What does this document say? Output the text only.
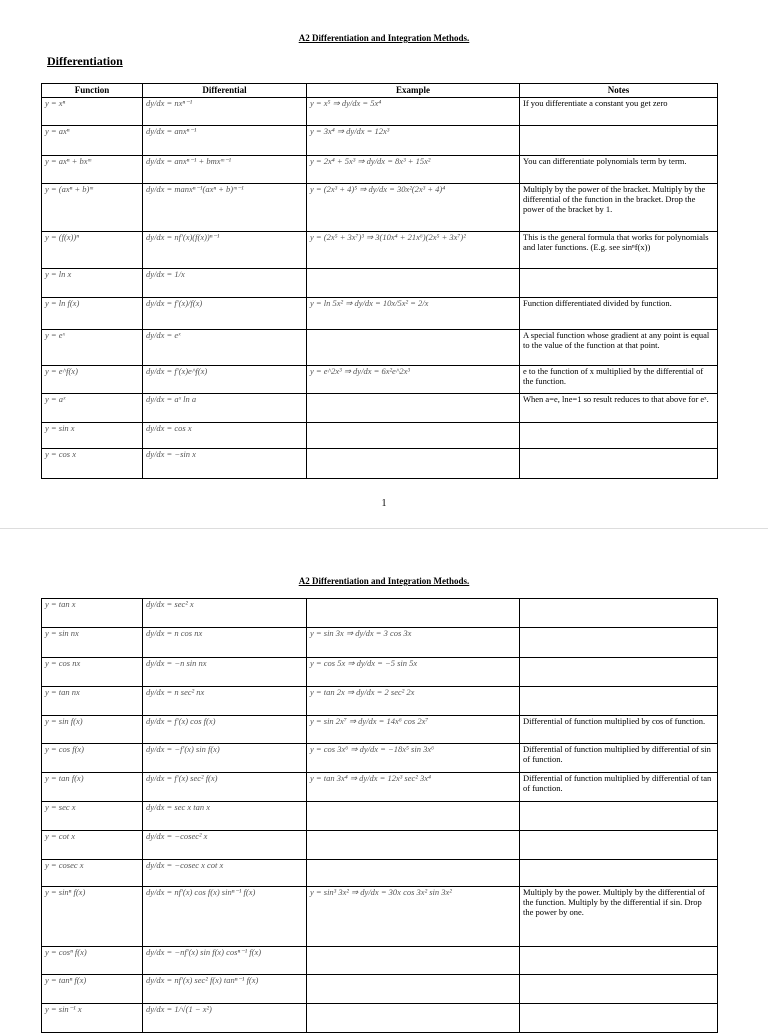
A2 Differentiation and Integration Methods.
Differentiation
Function	Differential	Example	Notes
y = xⁿ	dy/dx = nxⁿ⁻¹	y = x⁵ ⇒ dy/dx = 5x⁴	If you differentiate a constant you get zero
y = axⁿ	dy/dx = anxⁿ⁻¹	y = 3x⁴ ⇒ dy/dx = 12x³	
y = axⁿ + bxᵐ	dy/dx = anxⁿ⁻¹ + bmxᵐ⁻¹	y = 2x⁴ + 5x³ ⇒ dy/dx = 8x³ + 15x²	You can differentiate polynomials term by term.
y = (axⁿ + b)ᵐ	dy/dx = manxⁿ⁻¹(axⁿ + b)ᵐ⁻¹	y = (2x³ + 4)⁵ ⇒ dy/dx = 30x²(2x³ + 4)⁴	Multiply by the power of the bracket. Multiply by the differential of the function in the bracket. Drop the power of the bracket by 1.
y = (f(x))ⁿ	dy/dx = nf′(x)(f(x))ⁿ⁻¹	y = (2x⁵ + 3x⁷)³ ⇒ 3(10x⁴ + 21x⁶)(2x⁵ + 3x⁷)²	This is the general formula that works for polynomials and later functions. (E.g. see sinⁿf(x))
y = ln x	dy/dx = 1/x		
y = ln f(x)	dy/dx = f′(x)/f(x)	y = ln 5x² ⇒ dy/dx = 10x/5x² = 2/x	Function differentiated divided by function.
y = eˣ	dy/dx = eˣ		A special function whose gradient at any point is equal to the value of the function at that point.
y = e^f(x)	dy/dx = f′(x)e^f(x)	y = e^2x³ ⇒ dy/dx = 6x²e^2x³	e to the function of x multiplied by the differential of the function.
y = aˣ	dy/dx = aˣ ln a		When a=e, lne=1 so result reduces to that above for eˣ.
y = sin x	dy/dx = cos x		
y = cos x	dy/dx = −sin x		
1
A2 Differentiation and Integration Methods.
y = tan x	dy/dx = sec² x		
y = sin nx	dy/dx = n cos nx	y = sin 3x ⇒ dy/dx = 3 cos 3x	
y = cos nx	dy/dx = −n sin nx	y = cos 5x ⇒ dy/dx = −5 sin 5x	
y = tan nx	dy/dx = n sec² nx	y = tan 2x ⇒ dy/dx = 2 sec² 2x	
y = sin f(x)	dy/dx = f′(x) cos f(x)	y = sin 2x⁷ ⇒ dy/dx = 14x⁶ cos 2x⁷	Differential of function multiplied by cos of function.
y = cos f(x)	dy/dx = −f′(x) sin f(x)	y = cos 3x⁶ ⇒ dy/dx = −18x⁵ sin 3x⁶	Differential of function multiplied by differential of sin of function.
y = tan f(x)	dy/dx = f′(x) sec² f(x)	y = tan 3x⁴ ⇒ dy/dx = 12x³ sec² 3x⁴	Differential of function multiplied by differential of tan of function.
y = sec x	dy/dx = sec x tan x		
y = cot x	dy/dx = −cosec² x		
y = cosec x	dy/dx = −cosec x cot x		
y = sinⁿ f(x)	dy/dx = nf′(x) cos f(x) sinⁿ⁻¹ f(x)	y = sin³ 3x² ⇒ dy/dx = 30x cos 3x² sin 3x²	Multiply by the power. Multiply by the differential of the function. Multiply by the differential if sin. Drop the power by one.
y = cosⁿ f(x)	dy/dx = −nf′(x) sin f(x) cosⁿ⁻¹ f(x)		
y = tanⁿ f(x)	dy/dx = nf′(x) sec² f(x) tanⁿ⁻¹ f(x)		
y = sin⁻¹ x	dy/dx = 1/√(1 − x²)		
